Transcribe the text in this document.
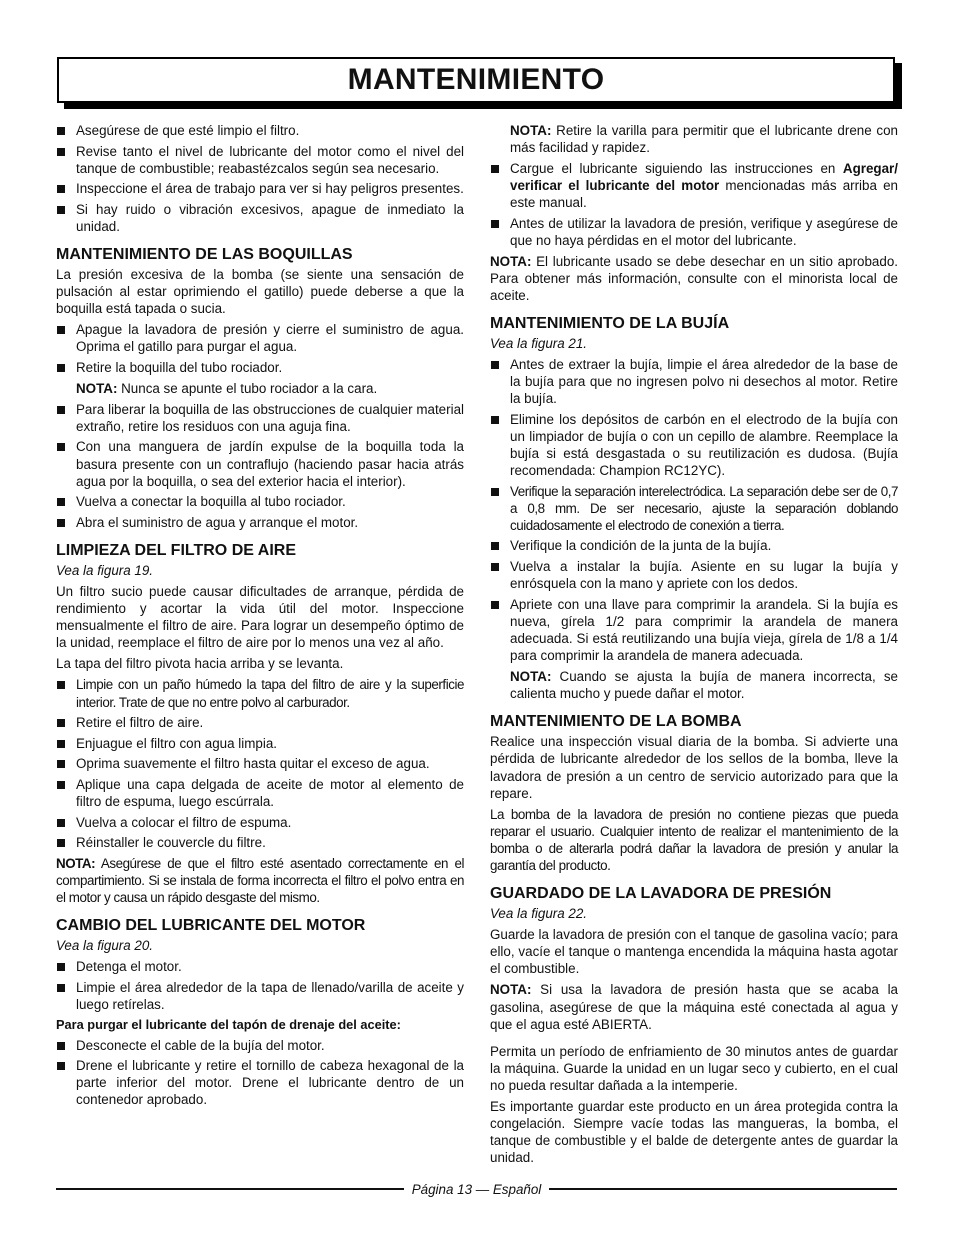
MANTENIMIENTO
Asegúrese de que esté limpio el filtro.
Revise tanto el nivel de lubricante del motor como el nivel del tanque de combustible; reabastézcalos según sea necesario.
Inspeccione el área de trabajo para ver si hay peligros presentes.
Si hay ruido o vibración excesivos, apague de inmediato la unidad.
MANTENIMIENTO DE LAS BOQUILLAS

La presión excesiva de la bomba (se siente una sensación de pulsación al estar oprimiendo el gatillo) puede deberse a que la boquilla está tapada o sucia.

Apague la lavadora de presión y cierre el suministro de agua. Oprima el gatillo para purgar el agua.
Retire la boquilla del tubo rociador.
NOTA: Nunca se apunte el tubo rociador a la cara.
Para liberar la boquilla de las obstrucciones de cualquier material extraño, retire los residuos con una aguja fina.
Con una manguera de jardín expulse de la boquilla toda la basura presente con un contraflujo (haciendo pasar hacia atrás agua por la boquilla, o sea del exterior hacia el interior).
Vuelva a conectar la boquilla al tubo rociador.
Abra el suministro de agua y arranque el motor.
LIMPIEZA DEL FILTRO DE AIRE

Vea la figura 19.

Un filtro sucio puede causar dificultades de arranque, pérdida de rendimiento y acortar la vida útil del motor. Inspeccione mensualmente el filtro de aire. Para lograr un desempeño óptimo de la unidad, reemplace el filtro de aire por lo menos una vez al año.

La tapa del filtro pivota hacia arriba y se levanta.

Limpie con un paño húmedo la tapa del filtro de aire y la superficie interior. Trate de que no entre polvo al carburador.
Retire el filtro de aire.
Enjuague el filtro con agua limpia.
Oprima suavemente el filtro hasta quitar el exceso de agua.
Aplique una capa delgada de aceite de motor al elemento de filtro de espuma, luego escúrrala.
Vuelva a colocar el filtro de espuma.
Réinstaller le couvercle du filtre.

NOTA: Asegúrese de que el filtro esté asentado correctamente en el compartimiento. Si se instala de forma incorrecta el filtro el polvo entra en el motor y causa un rápido desgaste del mismo.

CAMBIO DEL LUBRICANTE DEL MOTOR

Vea la figura 20.

Detenga el motor.
Limpie el área alrededor de la tapa de llenado/varilla de aceite y luego retírelas.

Para purgar el lubricante del tapón de drenaje del aceite:

Desconecte el cable de la bujía del motor.
Drene el lubricante y retire el tornillo de cabeza hexagonal de la parte inferior del motor. Drene el lubricante dentro de un contenedor aprobado.

NOTA: Retire la varilla para permitir que el lubricante drene con más facilidad y rapidez.

Cargue el lubricante siguiendo las instrucciones en Agregar/ verificar el lubricante del motor mencionadas más arriba en este manual.
Antes de utilizar la lavadora de presión, verifique y asegúrese de que no haya pérdidas en el motor del lubricante.

NOTA: El lubricante usado se debe desechar en un sitio aprobado. Para obtener más información, consulte con el minorista local de aceite.

MANTENIMIENTO DE LA BUJÍA

Vea la figura 21.

Antes de extraer la bujía, limpie el área alrededor de la base de la bujía para que no ingresen polvo ni desechos al motor. Retire la bujía.
Elimine los depósitos de carbón en el electrodo de la bujía con un limpiador de bujía o con un cepillo de alambre. Reemplace la bujía si está desgastada o su reutilización es dudosa. (Bujía recomendada: Champion RC12YC).
Verifique la separación interelectródica. La separación debe ser de 0,7 a 0,8 mm. De ser necesario, ajuste la separación doblando cuidadosamente el electrodo de conexión a tierra.
Verifique la condición de la junta de la bujía.
Vuelva a instalar la bujía. Asiente en su lugar la bujía y enrósquela con la mano y apriete con los dedos.
Apriete con una llave para comprimir la arandela. Si la bujía es nueva, gírela 1/2 para comprimir la arandela de manera adecuada. Si está reutilizando una bujía vieja, gírela de 1/8 a 1/4 para comprimir la arandela de manera adecuada.
NOTA: Cuando se ajusta la bujía de manera incorrecta, se calienta mucho y puede dañar el motor.
MANTENIMIENTO DE LA BOMBA

Realice una inspección visual diaria de la bomba. Si advierte una pérdida de lubricante alrededor de los sellos de la bomba, lleve la lavadora de presión a un centro de servicio autorizado para que la repare.

La bomba de la lavadora de presión no contiene piezas que pueda reparar el usuario. Cualquier intento de realizar el mantenimiento de la bomba o de alterarla podrá dañar la lavadora de presión y anular la garantía del producto.

GUARDADO DE LA LAVADORA DE PRESIÓN

Vea la figura 22.

Guarde la lavadora de presión con el tanque de gasolina vacío; para ello, vacíe el tanque o mantenga encendida la máquina hasta agotar el combustible.

NOTA: Si usa la lavadora de presión hasta que se acaba la gasolina, asegúrese de que la máquina esté conectada al agua y que el agua esté ABIERTA.

Permita un período de enfriamiento de 30 minutos antes de guardar la máquina. Guarde la unidad en un lugar seco y cubierto, en el cual no pueda resultar dañada a la intemperie.

Es importante guardar este producto en un área protegida contra la congelación. Siempre vacíe todas las mangueras, la bomba, el tanque de combustible y el balde de detergente antes de guardar la unidad.

Página 13 — Español
